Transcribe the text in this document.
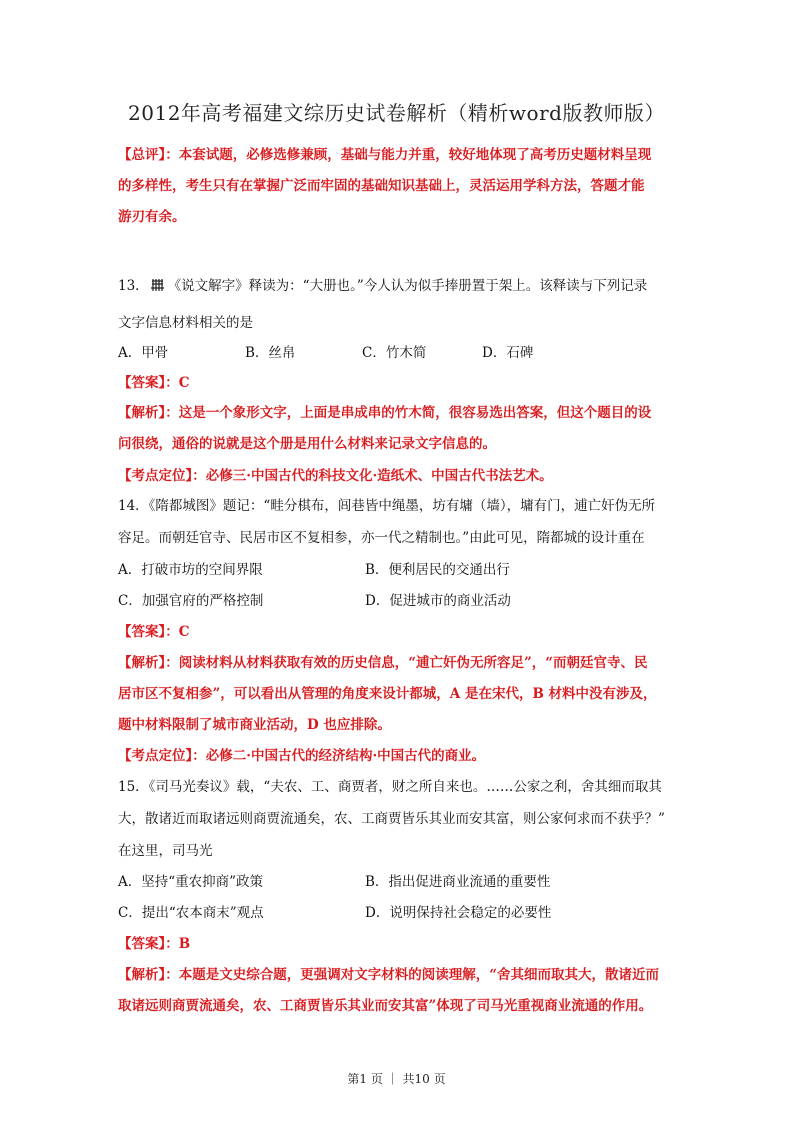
2012年高考福建文综历史试卷解析（精析word版教师版）
【总评】：本套试题，必修选修兼顾，基础与能力并重，较好地体现了高考历史题材料呈现
的多样性，考生只有在掌握广泛而牢固的基础知识基础上，灵活运用学科方法，答题才能
游刃有余。
13． 《说文解字》释读为：“大册也。”今人认为似手捧册置于架上。该释读与下列记录
文字信息材料相关的是
A．甲骨	B．丝帛	C．竹木简	D．石碑
【答案】：C
【解析】：这是一个象形文字，上面是串成串的竹木简，很容易选出答案，但这个题目的设
问很绕，通俗的说就是这个册是用什么材料来记录文字信息的。
【考点定位】：必修三·中国古代的科技文化·造纸术、中国古代书法艺术。
14．《隋都城图》题记：“畦分棋布，闾巷皆中绳墨，坊有墉（墙），墉有门，逋亡奸伪无所
容足。而朝廷官寺、民居市区不复相参，亦一代之精制也。”由此可见，隋都城的设计重在
A．打破市坊的空间界限	B．便利居民的交通出行
C．加强官府的严格控制	D．促进城市的商业活动
【答案】：C
【解析】：阅读材料从材料获取有效的历史信息，“逋亡奸伪无所容足”，“而朝廷官寺、民
居市区不复相参”，可以看出从管理的角度来设计都城，A 是在宋代，B 材料中没有涉及，
题中材料限制了城市商业活动，D 也应排除。
【考点定位】：必修二·中国古代的经济结构·中国古代的商业。
15．《司马光奏议》载，“夫农、工、商贾者，财之所自来也。……公家之利，舍其细而取其
大，散诸近而取诸远则商贾流通矣，农、工商贾皆乐其业而安其富，则公家何求而不获乎？”
在这里，司马光
A．坚持“重农抑商”政策	B．指出促进商业流通的重要性
C．提出“农本商末”观点	D．说明保持社会稳定的必要性
【答案】：B
【解析】：本题是文史综合题，更强调对文字材料的阅读理解，“舍其细而取其大，散诸近而
取诸远则商贾流通矣，农、工商贾皆乐其业而安其富”体现了司马光重视商业流通的作用。
第1 页 ｜ 共10 页
